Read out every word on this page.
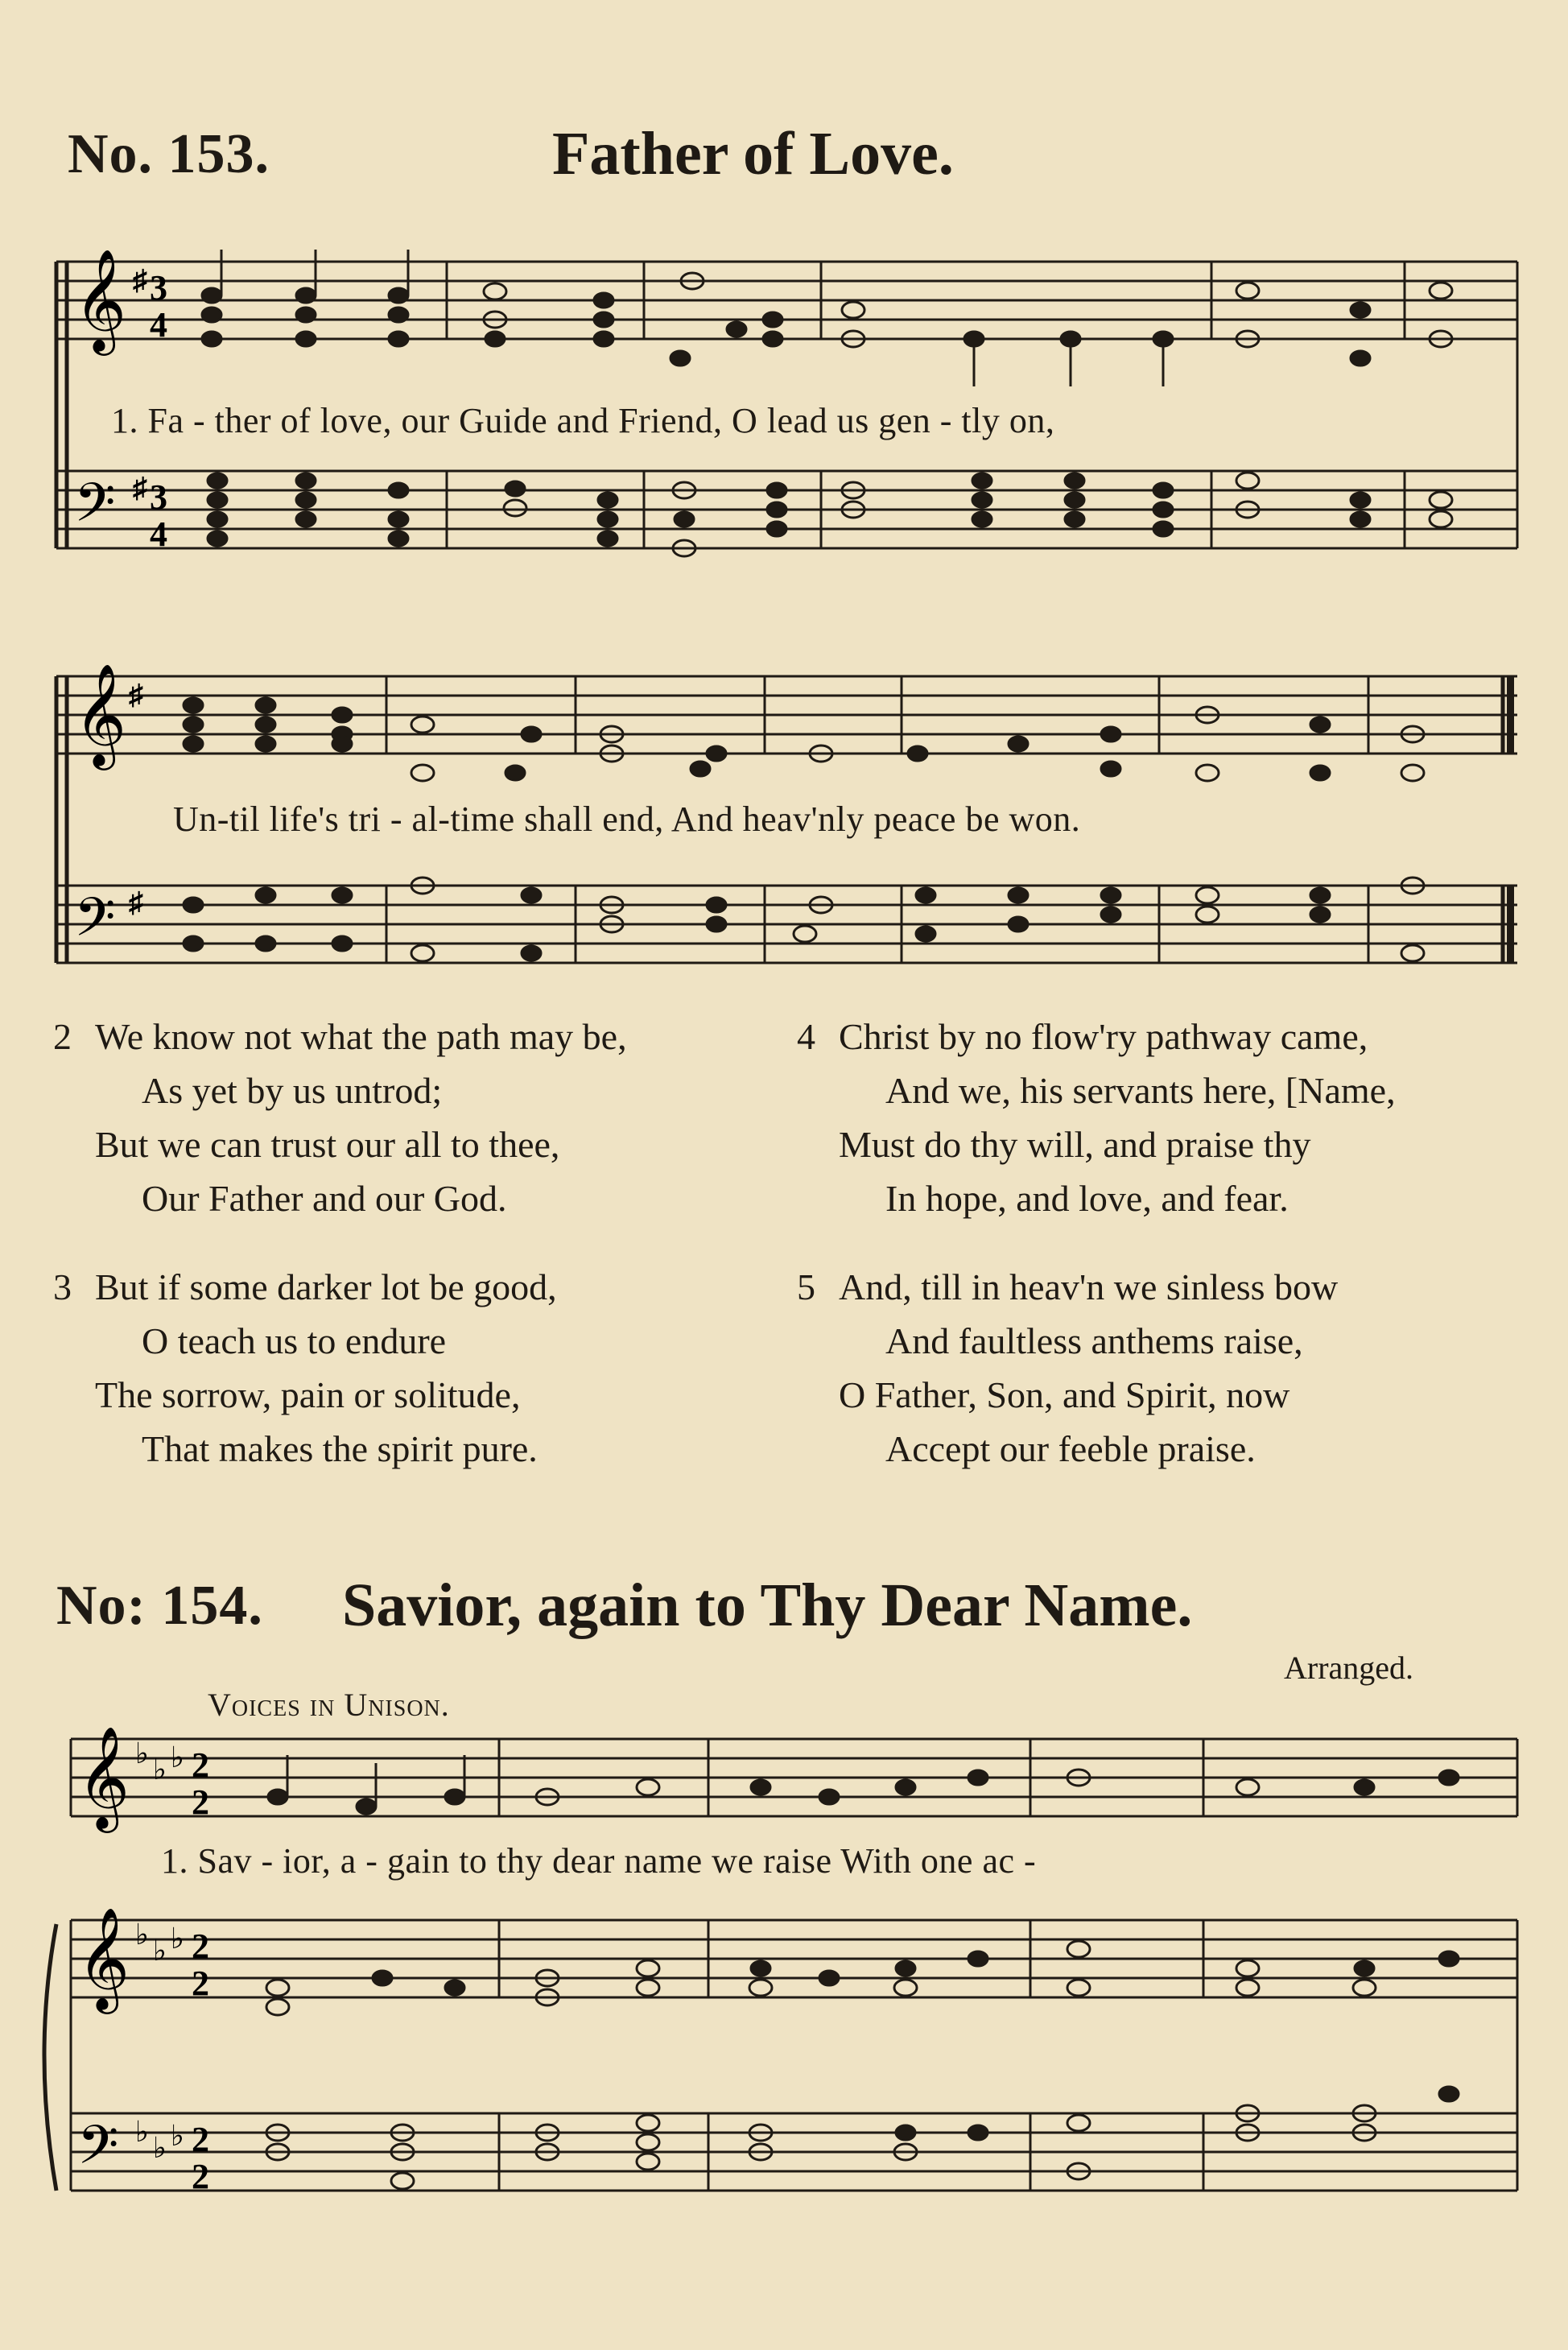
No. 153.	Father of Love.
𝄞
𝄢
♯
♯
3
4
3
4
1. Fa - ther of love, our Guide and Friend, O lead us gen - tly on,
𝄞
𝄢
♯
♯
Un-til life's tri - al-time shall end, And heav'nly peace be won.
2 We know not what the path may be,
As yet by us untrod;
But we can trust our all to thee,
Our Father and our God.
4 Christ by no flow'ry pathway came,
And we, his servants here, [Name,
Must do thy will, and praise thy
In hope, and love, and fear.
3 But if some darker lot be good,
O teach us to endure
The sorrow, pain or solitude,
That makes the spirit pure.
5 And, till in heav'n we sinless bow
And faultless anthems raise,
O Father, Son, and Spirit, now
Accept our feeble praise.
No: 154. Savior, again to Thy Dear Name.
Arranged.
Voices in Unison.
𝄞 ♭ ♭ ♭ 2
2
1. Sav - ior, a - gain to thy dear name we raise With one ac -
𝄞
𝄢
♭ ♭ ♭
♭ ♭ ♭
2
2
2
2
